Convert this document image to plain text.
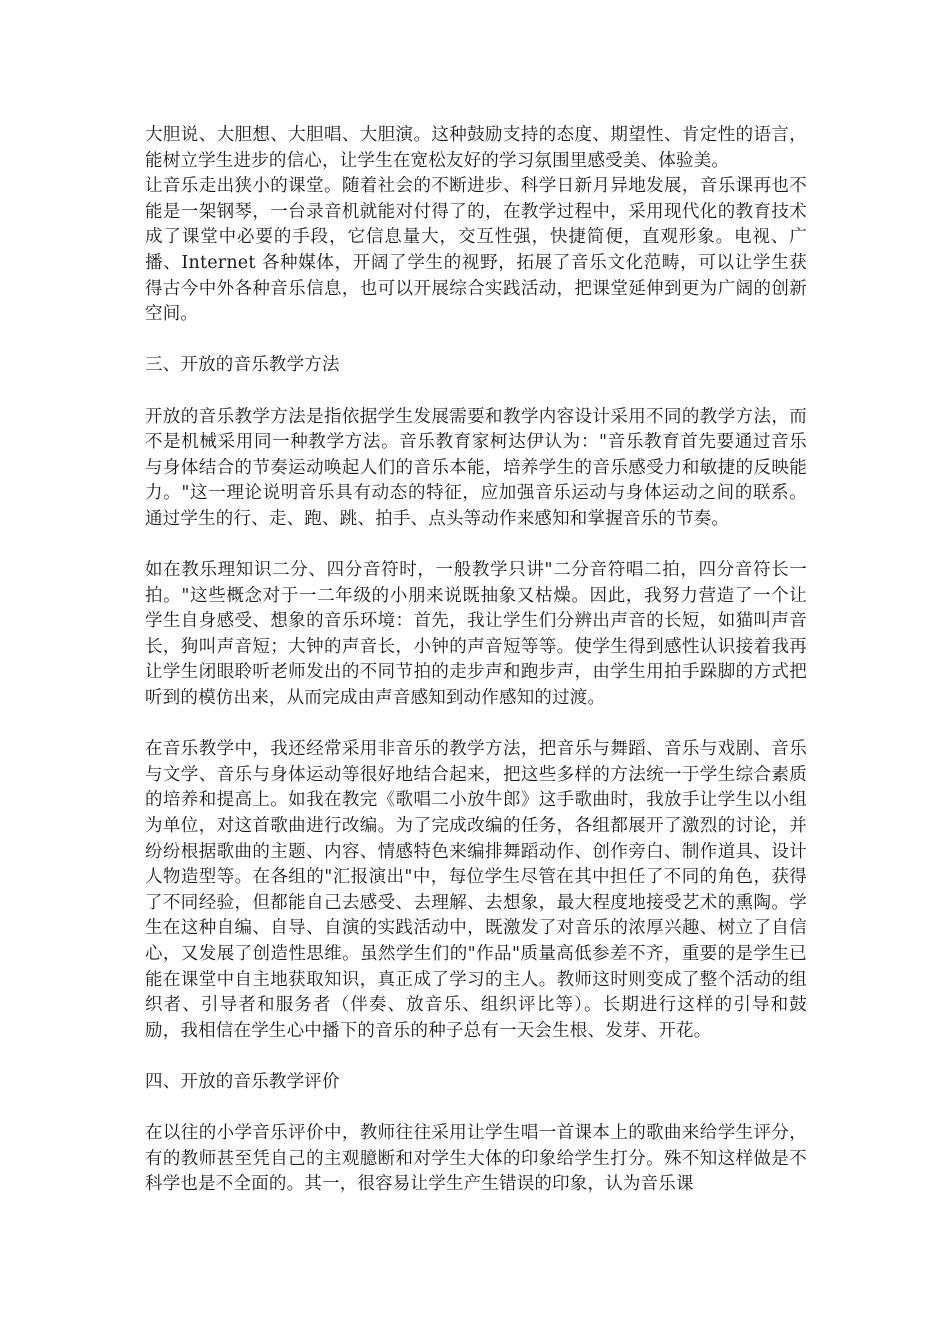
大胆说、大胆想、大胆唱、大胆演。这种鼓励支持的态度、期望性、肯定性的语言，能树立学生进步的信心，让学生在宽松友好的学习氛围里感受美、体验美。

让音乐走出狭小的课堂。随着社会的不断进步、科学日新月异地发展，音乐课再也不能是一架钢琴，一台录音机就能对付得了的，在教学过程中，采用现代化的教育技术成了课堂中必要的手段，它信息量大，交互性强，快捷简便，直观形象。电视、广播、Internet 各种媒体，开阔了学生的视野，拓展了音乐文化范畴，可以让学生获得古今中外各种音乐信息，也可以开展综合实践活动，把课堂延伸到更为广阔的创新空间。

三、开放的音乐教学方法

开放的音乐教学方法是指依据学生发展需要和教学内容设计采用不同的教学方法，而不是机械采用同一种教学方法。音乐教育家柯达伊认为："音乐教育首先要通过音乐与身体结合的节奏运动唤起人们的音乐本能，培养学生的音乐感受力和敏捷的反映能力。"这一理论说明音乐具有动态的特征，应加强音乐运动与身体运动之间的联系。通过学生的行、走、跑、跳、拍手、点头等动作来感知和掌握音乐的节奏。

如在教乐理知识二分、四分音符时，一般教学只讲"二分音符唱二拍，四分音符长一拍。"这些概念对于一二年级的小朋来说既抽象又枯燥。因此，我努力营造了一个让学生自身感受、想象的音乐环境：首先，我让学生们分辨出声音的长短，如猫叫声音长，狗叫声音短；大钟的声音长，小钟的声音短等等。使学生得到感性认识接着我再让学生闭眼聆听老师发出的不同节拍的走步声和跑步声，由学生用拍手跺脚的方式把听到的模仿出来，从而完成由声音感知到动作感知的过渡。

在音乐教学中，我还经常采用非音乐的教学方法，把音乐与舞蹈、音乐与戏剧、音乐与文学、音乐与身体运动等很好地结合起来，把这些多样的方法统一于学生综合素质的培养和提高上。如我在教完《歌唱二小放牛郎》这手歌曲时，我放手让学生以小组为单位，对这首歌曲进行改编。为了完成改编的任务，各组都展开了激烈的讨论，并纷纷根据歌曲的主题、内容、情感特色来编排舞蹈动作、创作旁白、制作道具、设计人物造型等。在各组的"汇报演出"中，每位学生尽管在其中担任了不同的角色，获得了不同经验，但都能自己去感受、去理解、去想象，最大程度地接受艺术的熏陶。学生在这种自编、自导、自演的实践活动中，既激发了对音乐的浓厚兴趣、树立了自信心，又发展了创造性思维。虽然学生们的"作品"质量高低参差不齐，重要的是学生已能在课堂中自主地获取知识，真正成了学习的主人。教师这时则变成了整个活动的组织者、引导者和服务者（伴奏、放音乐、组织评比等）。长期进行这样的引导和鼓励，我相信在学生心中播下的音乐的种子总有一天会生根、发芽、开花。

四、开放的音乐教学评价

在以往的小学音乐评价中，教师往往采用让学生唱一首课本上的歌曲来给学生评分，有的教师甚至凭自己的主观臆断和对学生大体的印象给学生打分。殊不知这样做是不科学也是不全面的。其一，很容易让学生产生错误的印象，认为音乐课
